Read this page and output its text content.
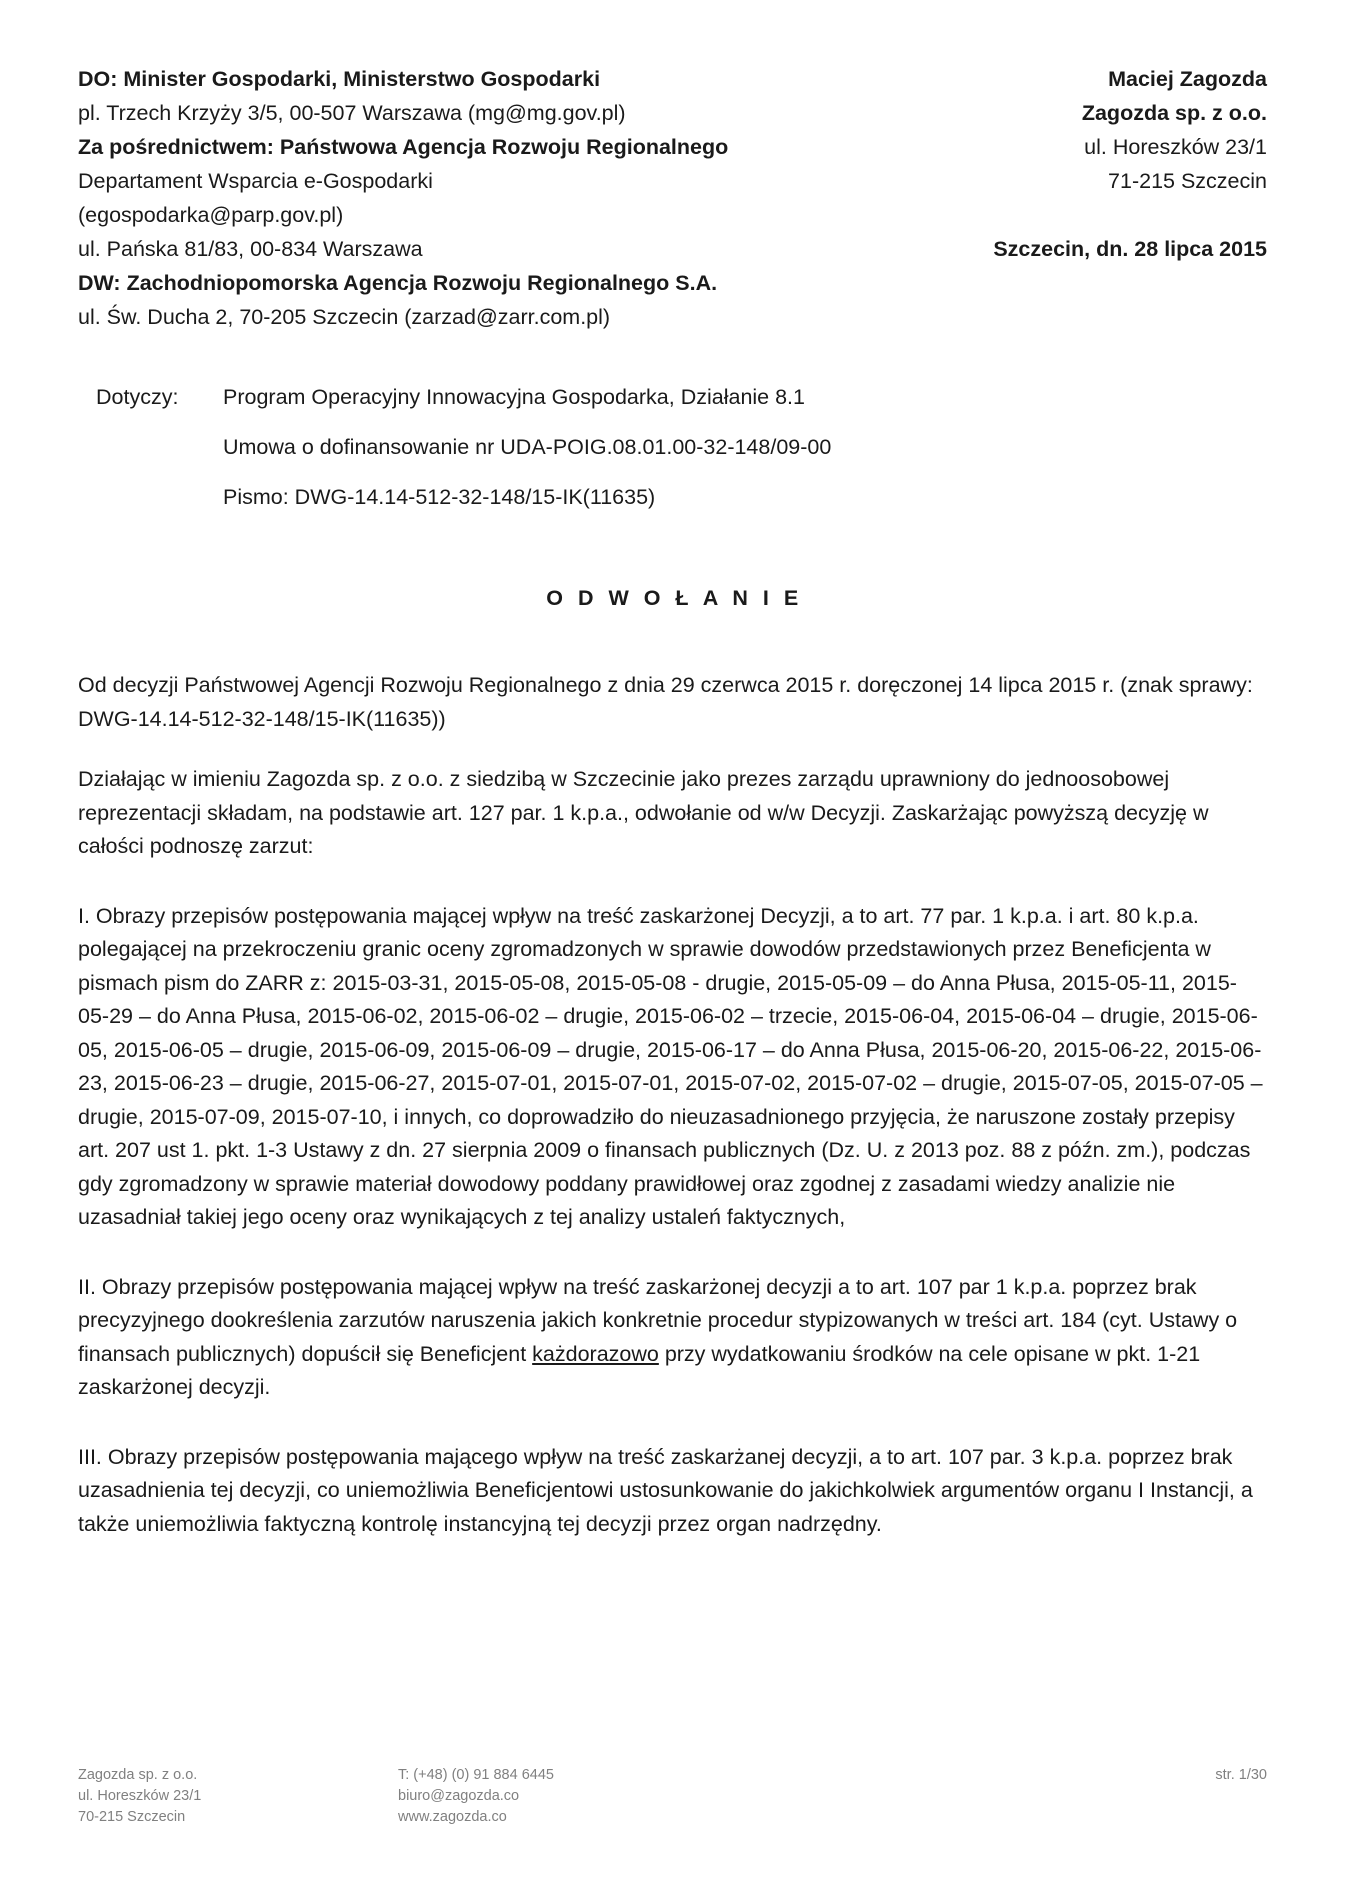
DO: Minister Gospodarki, Ministerstwo Gospodarki
pl. Trzech Krzyży 3/5, 00-507 Warszawa (mg@mg.gov.pl)
Za pośrednictwem: Państwowa Agencja Rozwoju Regionalnego
Departament Wsparcia e-Gospodarki
(egospodarka@parp.gov.pl)
ul. Pańska 81/83, 00-834 Warszawa
DW: Zachodniopomorska Agencja Rozwoju Regionalnego S.A.
ul. Św. Ducha 2, 70-205 Szczecin (zarzad@zarr.com.pl)
Maciej Zagozda
Zagozda sp. z o.o.
ul. Horeszków 23/1
71-215 Szczecin
Szczecin, dn. 28 lipca 2015
Dotyczy:	Program Operacyjny Innowacyjna Gospodarka, Działanie 8.1
Umowa o dofinansowanie nr UDA-POIG.08.01.00-32-148/09-00
Pismo: DWG-14.14-512-32-148/15-IK(11635)
O D W O Ł A N I E

Od decyzji Państwowej Agencji Rozwoju Regionalnego z dnia 29 czerwca 2015 r. doręczonej 14 lipca 2015 r. (znak sprawy: DWG-14.14-512-32-148/15-IK(11635))

Działając w imieniu Zagozda sp. z o.o. z siedzibą w Szczecinie jako prezes zarządu uprawniony do jednoosobowej reprezentacji składam, na podstawie art. 127 par. 1 k.p.a., odwołanie od w/w Decyzji. Zaskarżając powyższą decyzję w całości podnoszę zarzut:

I. Obrazy przepisów postępowania mającej wpływ na treść zaskarżonej Decyzji, a to art. 77 par. 1 k.p.a. i art. 80 k.p.a. polegającej na przekroczeniu granic oceny zgromadzonych w sprawie dowodów przedstawionych przez Beneficjenta w pismach pism do ZARR z: 2015-03-31, 2015-05-08, 2015-05-08 - drugie, 2015-05-09 – do Anna Płusa, 2015-05-11, 2015-05-29 – do Anna Płusa, 2015-06-02, 2015-06-02 – drugie, 2015-06-02 – trzecie, 2015-06-04, 2015-06-04 – drugie, 2015-06-05, 2015-06-05 – drugie, 2015-06-09, 2015-06-09 – drugie, 2015-06-17 – do Anna Płusa, 2015-06-20, 2015-06-22, 2015-06-23, 2015-06-23 – drugie, 2015-06-27, 2015-07-01, 2015-07-01, 2015-07-02, 2015-07-02 – drugie, 2015-07-05, 2015-07-05 – drugie, 2015-07-09, 2015-07-10, i innych, co doprowadziło do nieuzasadnionego przyjęcia, że naruszone zostały przepisy art. 207 ust 1. pkt. 1-3 Ustawy z dn. 27 sierpnia 2009 o finansach publicznych (Dz. U. z 2013 poz. 88 z późn. zm.), podczas gdy zgromadzony w sprawie materiał dowodowy poddany prawidłowej oraz zgodnej z zasadami wiedzy analizie nie uzasadniał takiej jego oceny oraz wynikających z tej analizy ustaleń faktycznych,

II. Obrazy przepisów postępowania mającej wpływ na treść zaskarżonej decyzji a to art. 107 par 1 k.p.a. poprzez brak precyzyjnego dookreślenia zarzutów naruszenia jakich konkretnie procedur stypizowanych w treści art. 184 (cyt. Ustawy o finansach publicznych) dopuścił się Beneficjent każdorazowo przy wydatkowaniu środków na cele opisane w pkt. 1-21 zaskarżonej decyzji.

III. Obrazy przepisów postępowania mającego wpływ na treść zaskarżanej decyzji, a to art. 107 par. 3 k.p.a. poprzez brak uzasadnienia tej decyzji, co uniemożliwia Beneficjentowi ustosunkowanie do jakichkolwiek argumentów organu I Instancji, a także uniemożliwia faktyczną kontrolę instancyjną tej decyzji przez organ nadrzędny.

Zagozda sp. z o.o.
ul. Horeszków 23/1
70-215 Szczecin
T: (+48) (0) 91 884 6445
biuro@zagozda.co
www.zagozda.co
str. 1/30
